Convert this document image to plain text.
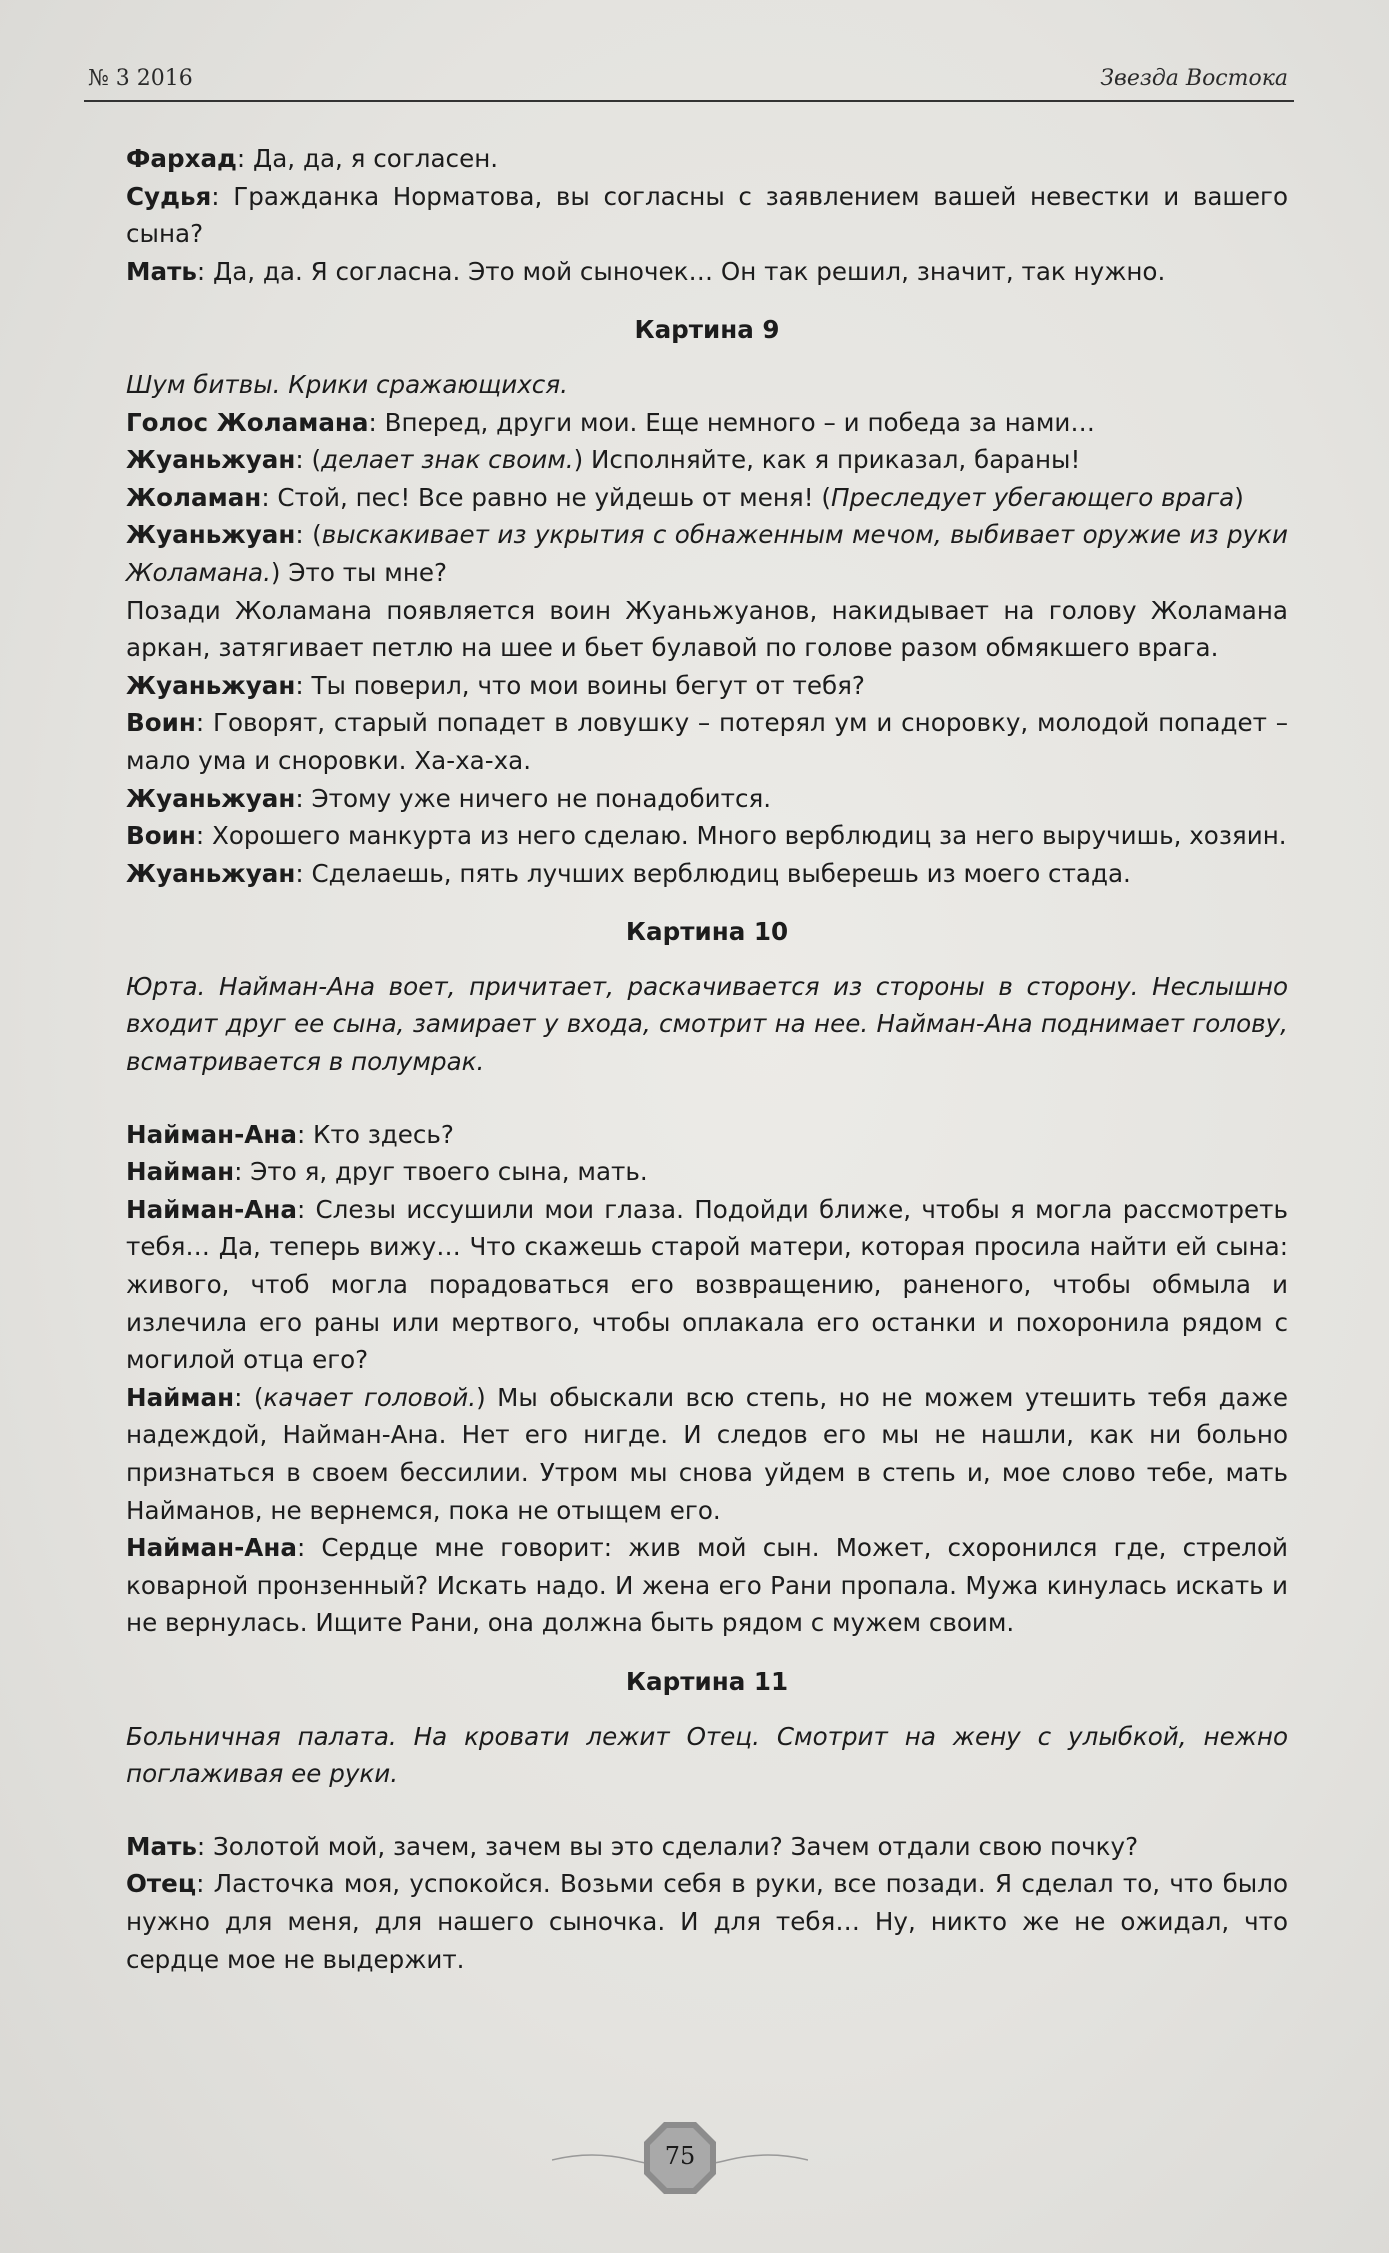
№ 3 2016	Звезда Востока

Фархад: Да, да, я согласен.

Судья: Гражданка Норматова, вы согласны с заявлением вашей невестки и вашего сына?

Мать: Да, да. Я согласна. Это мой сыночек… Он так решил, значит, так нужно.

Картина 9

Шум битвы. Крики сражающихся.

Голос Жоламана: Вперед, други мои. Еще немного – и победа за нами…

Жуаньжуан: (делает знак своим.) Исполняйте, как я приказал, бараны!

Жоламан: Стой, пес! Все равно не уйдешь от меня! (Преследует убегающего врага)

Жуаньжуан: (выскакивает из укрытия с обнаженным мечом, выбивает оружие из руки Жоламана.) Это ты мне?

Позади Жоламана появляется воин Жуаньжуанов, накидывает на голову Жоламана аркан, затягивает петлю на шее и бьет булавой по голове разом обмякшего врага.

Жуаньжуан: Ты поверил, что мои воины бегут от тебя?

Воин: Говорят, старый попадет в ловушку – потерял ум и сноровку, молодой попадет – мало ума и сноровки. Ха-ха-ха.

Жуаньжуан: Этому уже ничего не понадобится.

Воин: Хорошего манкурта из него сделаю. Много верблюдиц за него выручишь, хозяин.

Жуаньжуан: Сделаешь, пять лучших верблюдиц выберешь из моего стада.

Картина 10

Юрта. Найман-Ана воет, причитает, раскачивается из стороны в сторону. Неслышно входит друг ее сына, замирает у входа, смотрит на нее. Найман-Ана поднимает голову, всматривается в полумрак.

Найман-Ана: Кто здесь?

Найман: Это я, друг твоего сына, мать.

Найман-Ана: Слезы иссушили мои глаза. Подойди ближе, чтобы я могла рассмотреть тебя… Да, теперь вижу… Что скажешь старой матери, которая просила найти ей сына: живого, чтоб могла порадоваться его возвращению, раненого, чтобы обмыла и излечила его раны или мертвого, чтобы оплакала его останки и похоронила рядом с могилой отца его?

Найман: (качает головой.) Мы обыскали всю степь, но не можем утешить тебя даже надеждой, Найман-Ана. Нет его нигде. И следов его мы не нашли, как ни больно признаться в своем бессилии. Утром мы снова уйдем в степь и, мое слово тебе, мать Найманов, не вернемся, пока не отыщем его.

Найман-Ана: Сердце мне говорит: жив мой сын. Может, схоронился где, стрелой коварной пронзенный? Искать надо. И жена его Рани пропала. Мужа кинулась искать и не вернулась. Ищите Рани, она должна быть рядом с мужем своим.

Картина 11

Больничная палата. На кровати лежит Отец. Смотрит на жену с улыбкой, нежно поглаживая ее руки.

Мать: Золотой мой, зачем, зачем вы это сделали? Зачем отдали свою почку?

Отец: Ласточка моя, успокойся. Возьми себя в руки, все позади. Я сделал то, что было нужно для меня, для нашего сыночка. И для тебя… Ну, никто же не ожидал, что сердце мое не выдержит.

75
